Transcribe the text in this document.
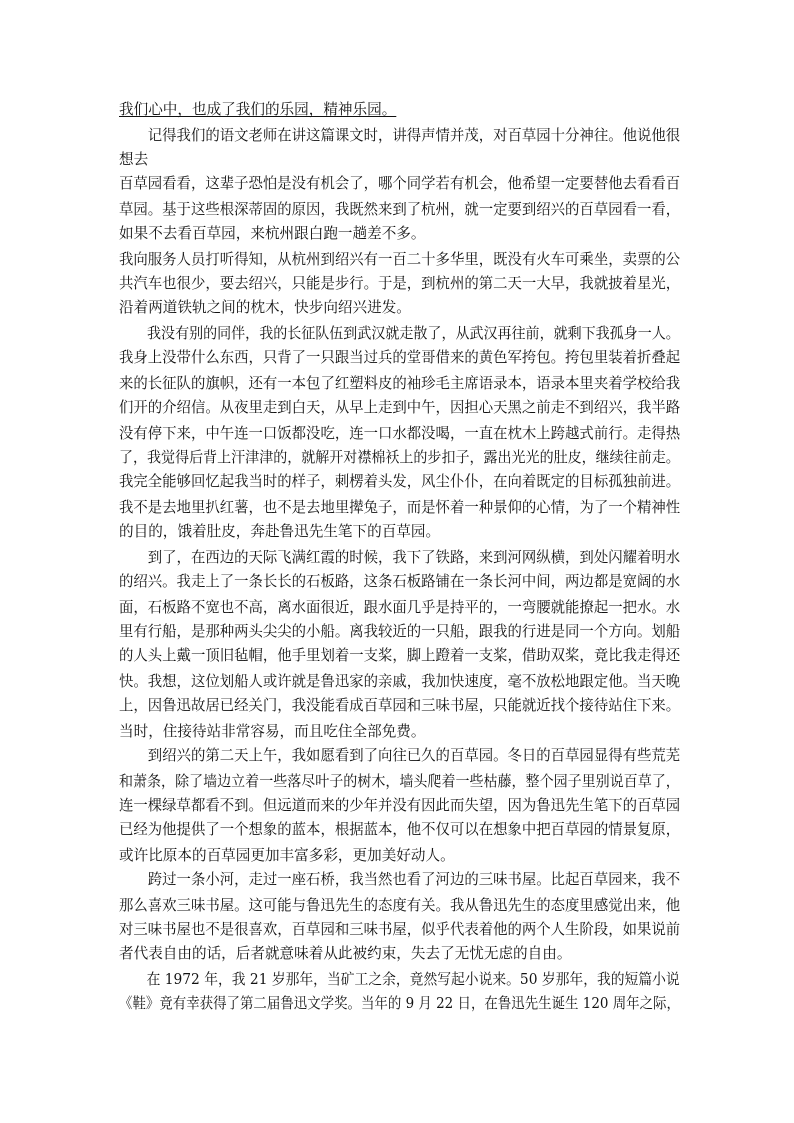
我们心中，也成了我们的乐园，精神乐园。
　　记得我们的语文老师在讲这篇课文时，讲得声情并茂，对百草园十分神往。他说他很
想去
百草园看看，这辈子恐怕是没有机会了，哪个同学若有机会，他希望一定要替他去看看百
草园。基于这些根深蒂固的原因，我既然来到了杭州，就一定要到绍兴的百草园看一看，
如果不去看百草园，来杭州跟白跑一趟差不多。
我向服务人员打听得知，从杭州到绍兴有一百二十多华里，既没有火车可乘坐，卖票的公
共汽车也很少，要去绍兴，只能是步行。于是，到杭州的第二天一大早，我就披着星光，
沿着两道铁轨之间的枕木，快步向绍兴进发。
　　我没有别的同伴，我的长征队伍到武汉就走散了，从武汉再往前，就剩下我孤身一人。
我身上没带什么东西，只背了一只跟当过兵的堂哥借来的黄色军挎包。挎包里装着折叠起
来的长征队的旗帜，还有一本包了红塑料皮的袖珍毛主席语录本，语录本里夹着学校给我
们开的介绍信。从夜里走到白天，从早上走到中午，因担心天黑之前走不到绍兴，我半路
没有停下来，中午连一口饭都没吃，连一口水都没喝，一直在枕木上跨越式前行。走得热
了，我觉得后背上汗津津的，就解开对襟棉袄上的步扣子，露出光光的肚皮，继续往前走。
我完全能够回忆起我当时的样子，刺楞着头发，风尘仆仆，在向着既定的目标孤独前进。
我不是去地里扒红薯，也不是去地里撵兔子，而是怀着一种景仰的心情，为了一个精神性
的目的，饿着肚皮，奔赴鲁迅先生笔下的百草园。
　　到了，在西边的天际飞满红霞的时候，我下了铁路，来到河网纵横，到处闪耀着明水
的绍兴。我走上了一条长长的石板路，这条石板路铺在一条长河中间，两边都是宽阔的水
面，石板路不宽也不高，离水面很近，跟水面几乎是持平的，一弯腰就能撩起一把水。水
里有行船，是那种两头尖尖的小船。离我较近的一只船，跟我的行进是同一个方向。划船
的人头上戴一顶旧毡帽，他手里划着一支桨，脚上蹬着一支桨，借助双桨，竟比我走得还
快。我想，这位划船人或许就是鲁迅家的亲戚，我加快速度，毫不放松地跟定他。当天晚
上，因鲁迅故居已经关门，我没能看成百草园和三味书屋，只能就近找个接待站住下来。
当时，住接待站非常容易，而且吃住全部免费。
　　到绍兴的第二天上午，我如愿看到了向往已久的百草园。冬日的百草园显得有些荒芜
和萧条，除了墙边立着一些落尽叶子的树木，墙头爬着一些枯藤，整个园子里别说百草了，
连一棵绿草都看不到。但远道而来的少年并没有因此而失望，因为鲁迅先生笔下的百草园
已经为他提供了一个想象的蓝本，根据蓝本，他不仅可以在想象中把百草园的情景复原，
或许比原本的百草园更加丰富多彩，更加美好动人。
　　跨过一条小河，走过一座石桥，我当然也看了河边的三味书屋。比起百草园来，我不
那么喜欢三味书屋。这可能与鲁迅先生的态度有关。我从鲁迅先生的态度里感觉出来，他
对三味书屋也不是很喜欢，百草园和三味书屋，似乎代表着他的两个人生阶段，如果说前
者代表自由的话，后者就意味着从此被约束，失去了无忧无虑的自由。
　　在 1972 年，我 21 岁那年，当矿工之余，竟然写起小说来。50 岁那年，我的短篇小说
《鞋》竟有幸获得了第二届鲁迅文学奖。当年的 9 月 22 日，在鲁迅先生诞生 120 周年之际，
